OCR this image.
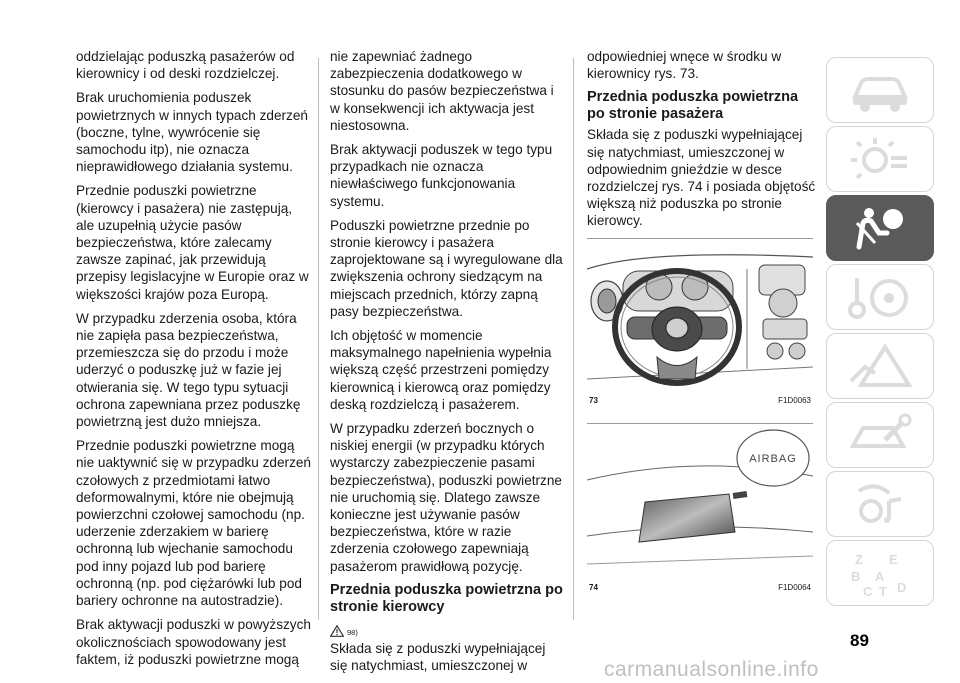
oddzielając poduszką pasażerów od kierownicy i od deski rozdzielczej.

Brak uruchomienia poduszek powietrznych w innych typach zderzeń (boczne, tylne, wywrócenie się samochodu itp), nie oznacza nieprawidłowego działania systemu.

Przednie poduszki powietrzne (kierowcy i pasażera) nie zastępują, ale uzupełnią użycie pasów bezpieczeństwa, które zalecamy zawsze zapinać, jak przewidują przepisy legislacyjne w Europie oraz w większości krajów poza Europą.

W przypadku zderzenia osoba, która nie zapięła pasa bezpieczeństwa, przemieszcza się do przodu i może uderzyć o poduszkę już w fazie jej otwierania się. W tego typu sytuacji ochrona zapewniana przez poduszkę powietrzną jest dużo mniejsza.

Przednie poduszki powietrzne mogą nie uaktywnić się w przypadku zderzeń czołowych z przedmiotami łatwo deformowalnymi, które nie obejmują powierzchni czołowej samochodu (np. uderzenie zderzakiem w barierę ochronną lub wjechanie samochodu pod inny pojazd lub pod barierę ochronną (np. pod ciężarówki lub pod bariery ochronne na autostradzie).

Brak aktywacji poduszki w powyższych okolicznościach spowodowany jest faktem, iż poduszki powietrzne mogą

nie zapewniać żadnego zabezpieczenia dodatkowego w stosunku do pasów bezpieczeństwa i w konsekwencji ich aktywacja jest niestosowna.

Brak aktywacji poduszek w tego typu przypadkach nie oznacza niewłaściwego funkcjonowania systemu.

Poduszki powietrzne przednie po stronie kierowcy i pasażera zaprojektowane są i wyregulowane dla zwiększenia ochrony siedzącym na miejscach przednich, którzy zapną pasy bezpieczeństwa.

Ich objętość w momencie maksymalnego napełnienia wypełnia większą część przestrzeni pomiędzy kierownicą i kierowcą oraz pomiędzy deską rozdzielczą i pasażerem.

W przypadku zderzeń bocznych o niskiej energii (w przypadku których wystarczy zabezpieczenie pasami bezpieczeństwa), poduszki powietrzne nie uruchomią się. Dlatego zawsze konieczne jest używanie pasów bezpieczeństwa, które w razie zderzenia czołowego zapewniają pasażerom prawidłową pozycję.

Przednia poduszka powietrzna po stronie kierowcy
98)

Składa się z poduszki wypełniającej się natychmiast, umieszczonej w

odpowiedniej wnęce w środku w kierownicy rys. 73.

Przednia poduszka powietrzna po stronie pasażera

Składa się z poduszki wypełniającej się natychmiast, umieszczonej w odpowiednim gnieździe w desce rozdzielczej rys. 74 i posiada objętość większą niż poduszka po stronie kierowcy.

73	F1D0063
AIRBAG
74	F1D0064
Z E
B A
C T D
89
carmanualsonline.info
